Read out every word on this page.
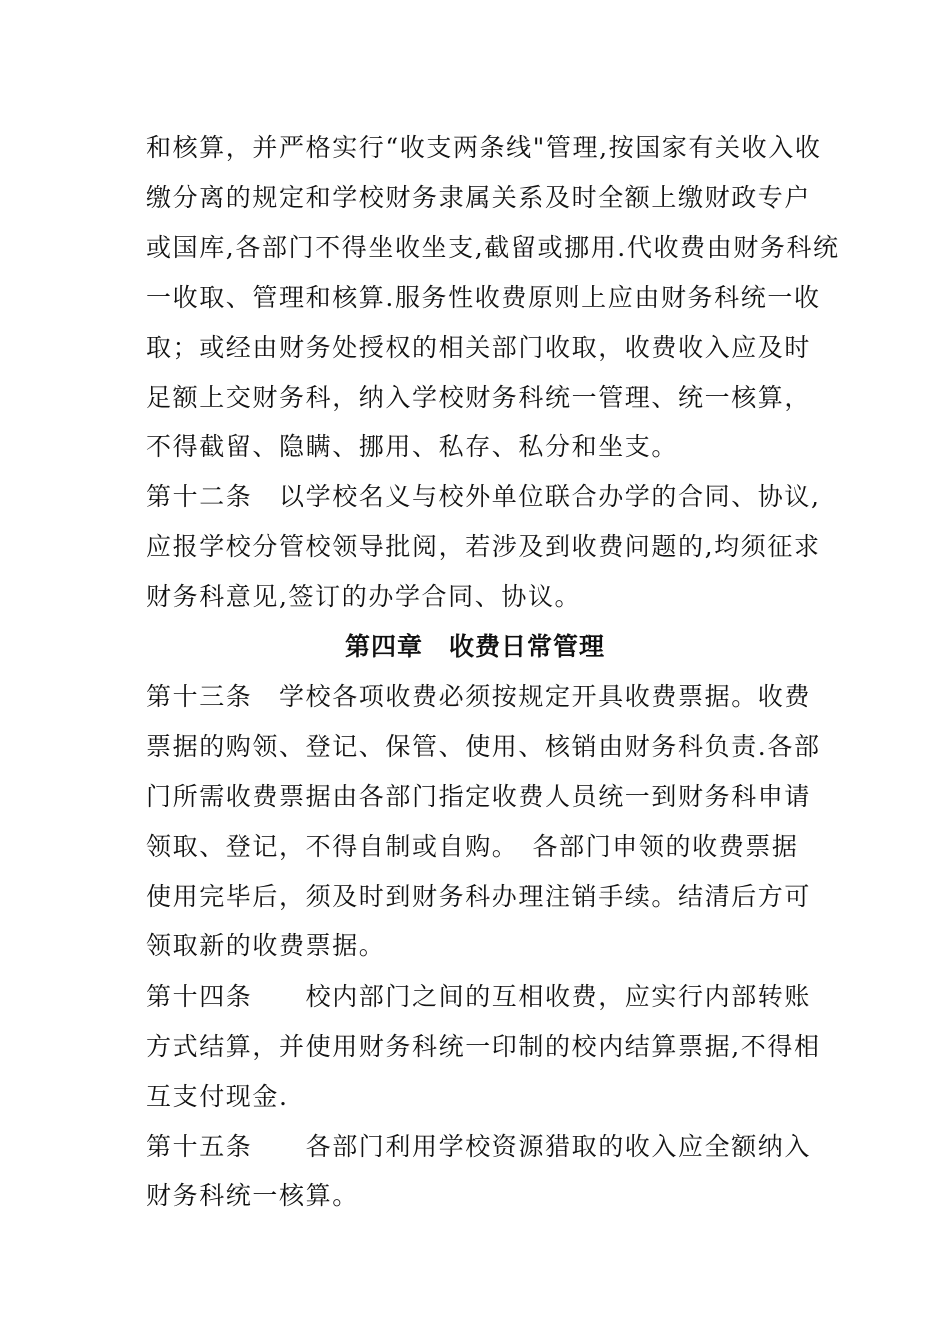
和核算，并严格实行“收支两条线"管理,按国家有关收入收
缴分离的规定和学校财务隶属关系及时全额上缴财政专户
或国库,各部门不得坐收坐支,截留或挪用.代收费由财务科统
一收取、管理和核算.服务性收费原则上应由财务科统一收
取；或经由财务处授权的相关部门收取，收费收入应及时
足额上交财务科，纳入学校财务科统一管理、统一核算，
不得截留、隐瞒、挪用、私存、私分和坐支。
第十二条　以学校名义与校外单位联合办学的合同、协议,
应报学校分管校领导批阅，若涉及到收费问题的,均须征求
财务科意见,签订的办学合同、协议。
第四章　收费日常管理
第十三条　学校各项收费必须按规定开具收费票据。收费
票据的购领、登记、保管、使用、核销由财务科负责.各部
门所需收费票据由各部门指定收费人员统一到财务科申请
领取、登记，不得自制或自购。　各部门申领的收费票据
使用完毕后，须及时到财务科办理注销手续。结清后方可
领取新的收费票据。
第十四条　　校内部门之间的互相收费，应实行内部转账
方式结算，并使用财务科统一印制的校内结算票据,不得相
互支付现金.
第十五条　　各部门利用学校资源猎取的收入应全额纳入
财务科统一核算。
